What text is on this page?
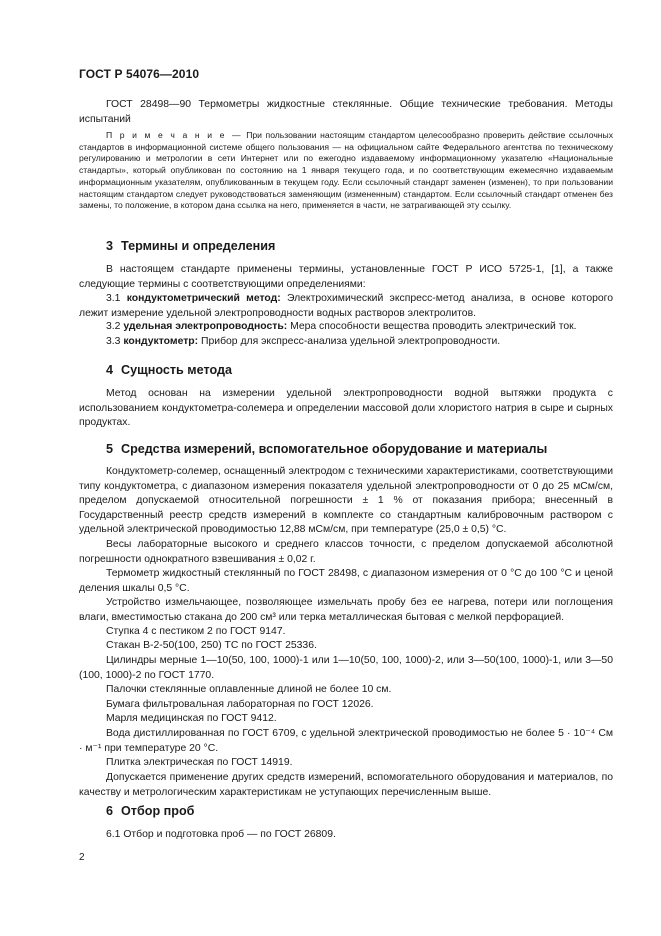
ГОСТ Р 54076—2010
ГОСТ 28498—90 Термометры жидкостные стеклянные. Общие технические требования. Методы испытаний
П р и м е ч а н и е — При пользовании настоящим стандартом целесообразно проверить действие ссылочных стандартов в информационной системе общего пользования — на официальном сайте Федерального агентства по техническому регулированию и метрологии в сети Интернет или по ежегодно издаваемому информационному указателю «Национальные стандарты», который опубликован по состоянию на 1 января текущего года, и по соответствующим ежемесячно издаваемым информационным указателям, опубликованным в текущем году. Если ссылочный стандарт заменен (изменен), то при пользовании настоящим стандартом следует руководствоваться заменяющим (измененным) стандартом. Если ссылочный стандарт отменен без замены, то положение, в котором дана ссылка на него, применяется в части, не затрагивающей эту ссылку.
3 Термины и определения
В настоящем стандарте применены термины, установленные ГОСТ Р ИСО 5725-1, [1], а также следующие термины с соответствующими определениями:
3.1 кондуктометрический метод: Электрохимический экспресс-метод анализа, в основе которого лежит измерение удельной электропроводности водных растворов электролитов.
3.2 удельная электропроводность: Мера способности вещества проводить электрический ток.
3.3 кондуктометр: Прибор для экспресс-анализа удельной электропроводности.
4 Сущность метода
Метод основан на измерении удельной электропроводности водной вытяжки продукта с использованием кондуктометра-солемера и определении массовой доли хлористого натрия в сыре и сырных продуктах.
5 Средства измерений, вспомогательное оборудование и материалы
Кондуктометр-солемер, оснащенный электродом с техническими характеристиками, соответствующими типу кондуктометра, с диапазоном измерения показателя удельной электропроводности от 0 до 25 мСм/см, пределом допускаемой относительной погрешности ± 1 % от показания прибора; внесенный в Государственный реестр средств измерений в комплекте со стандартным калибровочным раствором с удельной электрической проводимостью 12,88 мСм/см, при температуре (25,0 ± 0,5) °С.
Весы лабораторные высокого и среднего классов точности, с пределом допускаемой абсолютной погрешности однократного взвешивания ± 0,02 г.
Термометр жидкостный стеклянный по ГОСТ 28498, с диапазоном измерения от 0 °С до 100 °С и ценой деления шкалы 0,5 °С.
Устройство измельчающее, позволяющее измельчать пробу без ее нагрева, потери или поглощения влаги, вместимостью стакана до 200 см³ или терка металлическая бытовая с мелкой перфорацией.
Ступка 4 с пестиком 2 по ГОСТ 9147.
Стакан В-2-50(100, 250) ТС по ГОСТ 25336.
Цилиндры мерные 1—10(50, 100, 1000)-1 или 1—10(50, 100, 1000)-2, или 3—50(100, 1000)-1, или 3—50 (100, 1000)-2 по ГОСТ 1770.
Палочки стеклянные оплавленные длиной не более 10 см.
Бумага фильтровальная лабораторная по ГОСТ 12026.
Марля медицинская по ГОСТ 9412.
Вода дистиллированная по ГОСТ 6709, с удельной электрической проводимостью не более 5 · 10⁻⁴ См · м⁻¹ при температуре 20 °С.
Плитка электрическая по ГОСТ 14919.
Допускается применение других средств измерений, вспомогательного оборудования и материалов, по качеству и метрологическим характеристикам не уступающих перечисленным выше.
6 Отбор проб
6.1 Отбор и подготовка проб — по ГОСТ 26809.
2
